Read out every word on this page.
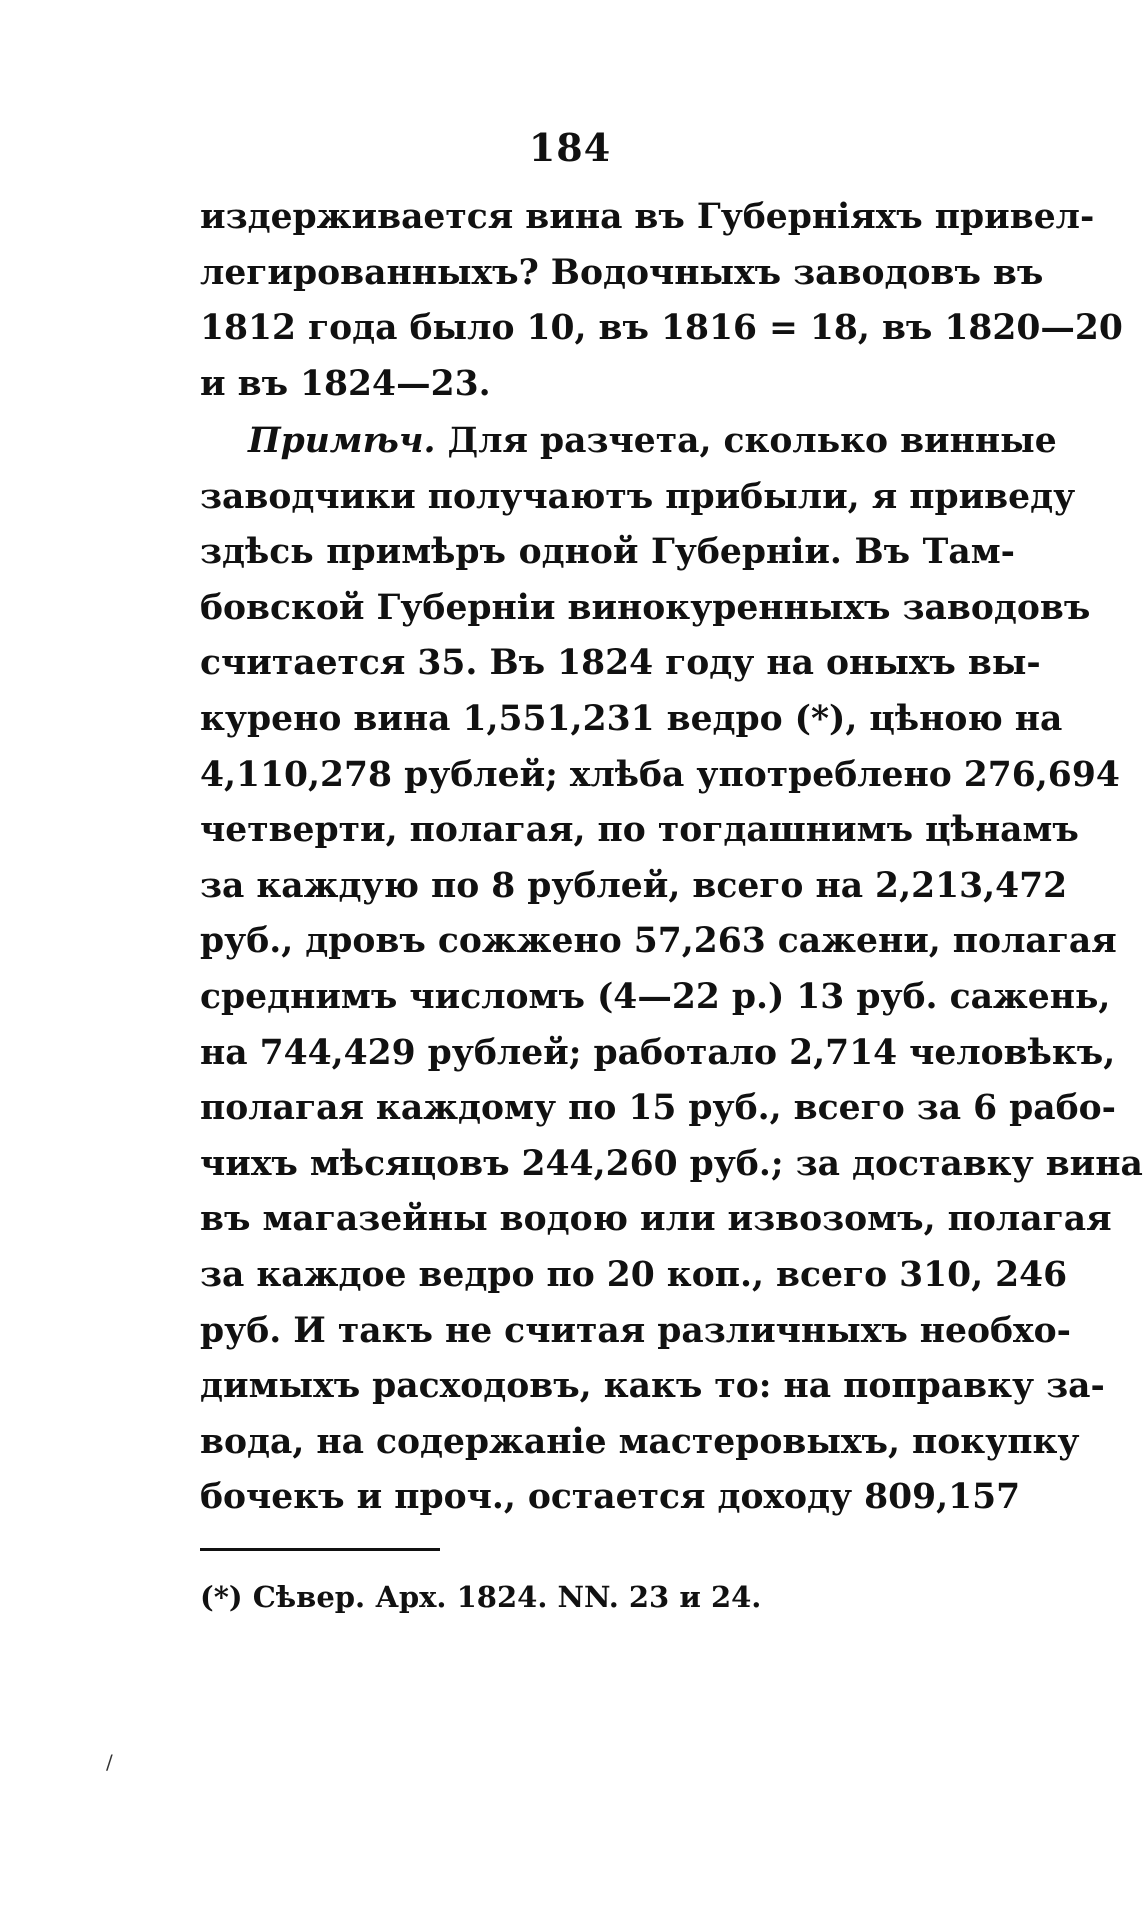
184
издерживается вина въ Губерніяхъ привел-
легированныхъ? Водочныхъ заводовъ въ
1812 года было 10, въ 1816 = 18, въ 1820—20
и въ 1824—23.
Примѣч. Для разчета, сколько винные
заводчики получаютъ прибыли, я приведу
здѣсь примѣръ одной Губерніи. Въ Там-
бовской Губерніи винокуренныхъ заводовъ
считается 35. Въ 1824 году на оныхъ вы-
курено вина 1,551,231 ведро (*), цѣною на
4,110,278 рублей; хлѣба употреблено 276,694
четверти, полагая, по тогдашнимъ цѣнамъ
за каждую по 8 рублей, всего на 2,213,472
руб., дровъ сожжено 57,263 сажени, полагая
среднимъ числомъ (4—22 р.) 13 руб. сажень,
на 744,429 рублей; работало 2,714 человѣкъ,
полагая каждому по 15 руб., всего за 6 рабо-
чихъ мѣсяцовъ 244,260 руб.; за доставку вина
въ магазейны водою или извозомъ, полагая
за каждое ведро по 20 коп., всего 310, 246
руб. И такъ не считая различныхъ необхо-
димыхъ расходовъ, какъ то: на поправку за-
вода, на содержаніе мастеровыхъ, покупку
бочекъ и проч., остается доходу 809,157
(*) Сѣвер. Арх. 1824. NN. 23 и 24.
/
